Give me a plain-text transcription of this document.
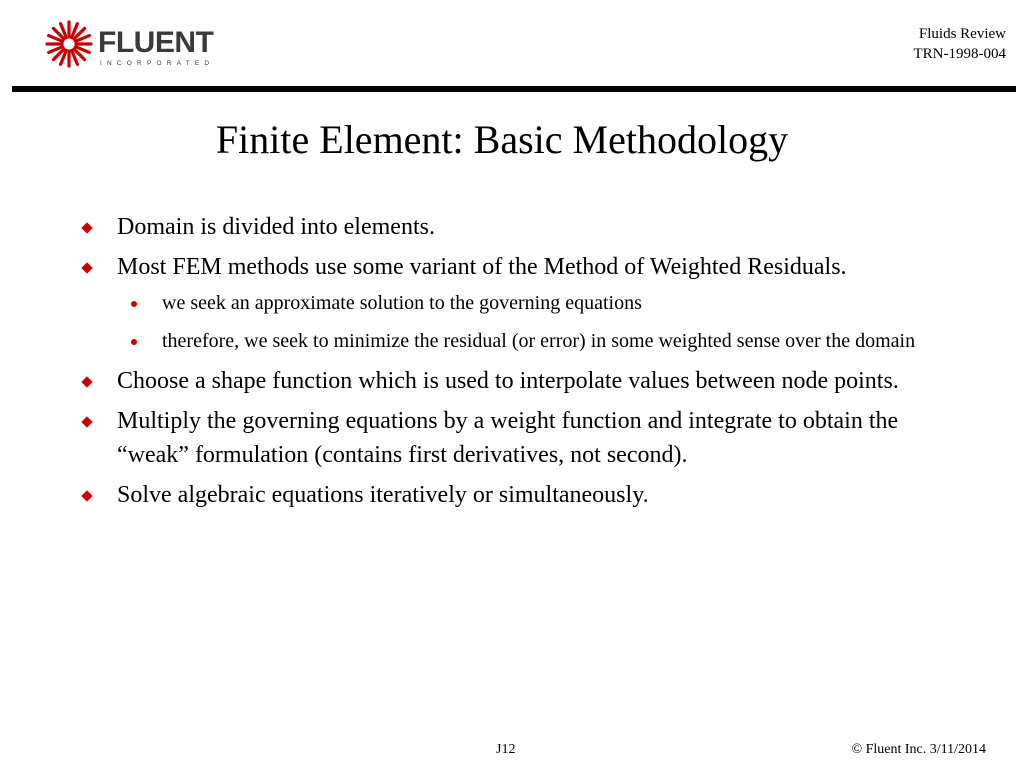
FLUENT
INCORPORATED
Fluids Review
TRN-1998-004
Finite Element: Basic Methodology
Domain is divided into elements.
Most FEM methods use some variant of the Method of Weighted Residuals.
we seek an approximate solution to the governing equations
therefore, we seek to minimize the residual (or error) in some weighted sense over the domain
Choose a shape function which is used to interpolate values between node points.
Multiply the governing equations by a weight function and integrate to obtain the “weak” formulation (contains first derivatives, not second).
Solve algebraic equations iteratively or simultaneously.
J12	© Fluent Inc. 3/11/2014
